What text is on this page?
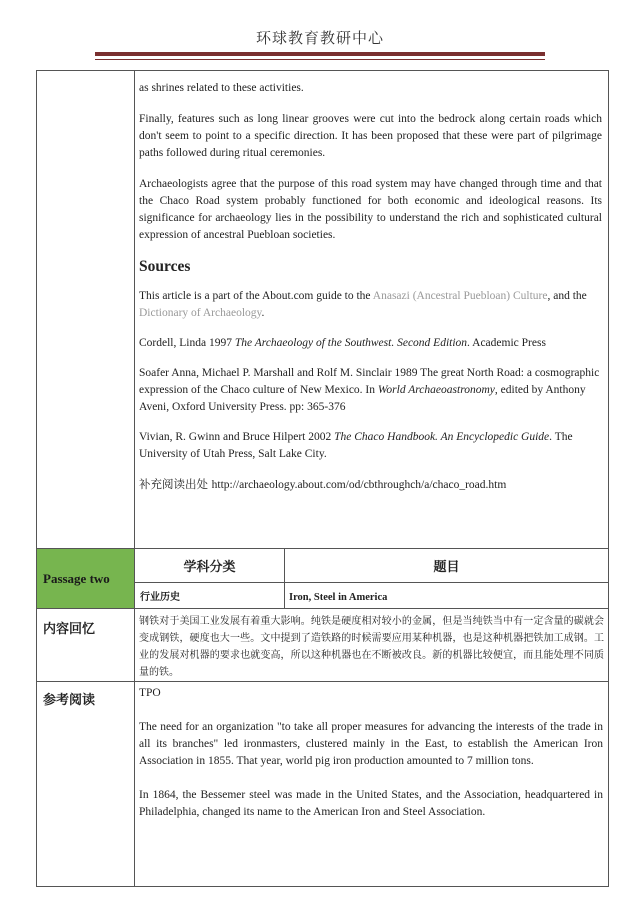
环球教育教研中心

as shrines related to these activities.

Finally, features such as long linear grooves were cut into the bedrock along certain roads which don't seem to point to a specific direction. It has been proposed that these were part of pilgrimage paths followed during ritual ceremonies.

Archaeologists agree that the purpose of this road system may have changed through time and that the Chaco Road system probably functioned for both economic and ideological reasons. Its significance for archaeology lies in the possibility to understand the rich and sophisticated cultural expression of ancestral Puebloan societies.

Sources

This article is a part of the About.com guide to the Anasazi (Ancestral Puebloan) Culture, and the Dictionary of Archaeology.

Cordell, Linda 1997 The Archaeology of the Southwest. Second Edition. Academic Press

Soafer Anna, Michael P. Marshall and Rolf M. Sinclair 1989 The great North Road: a cosmographic expression of the Chaco culture of New Mexico. In World Archaeoastronomy, edited by Anthony Aveni, Oxford University Press. pp: 365-376

Vivian, R. Gwinn and Bruce Hilpert 2002 The Chaco Handbook. An Encyclopedic Guide. The University of Utah Press, Salt Lake City.

补充阅读出处 http://archaeology.about.com/od/cbthroughch/a/chaco_road.htm

Passage two	学科分类	题目
	行业历史	Iron, Steel in America

内容回忆	钢铁对于美国工业发展有着重大影响。纯铁是硬度相对较小的金属，但是当纯铁当中有一定含量的碳就会变成钢铁，硬度也大一些。文中提到了造铁路的时候需要应用某种机器，也是这种机器把铁加工成钢。工业的发展对机器的要求也就变高，所以这种机器也在不断被改良。新的机器比较便宜，而且能处理不同质量的铁。	

参考阅读	TPO

The need for an organization "to take all proper measures for advancing the interests of the trade in all its branches" led ironmasters, clustered mainly in the East, to establish the American Iron Association in 1855. That year, world pig iron production amounted to 7 million tons.

In 1864, the Bessemer steel was made in the United States, and the Association, headquartered in Philadelphia, changed its name to the American Iron and Steel Association.	
